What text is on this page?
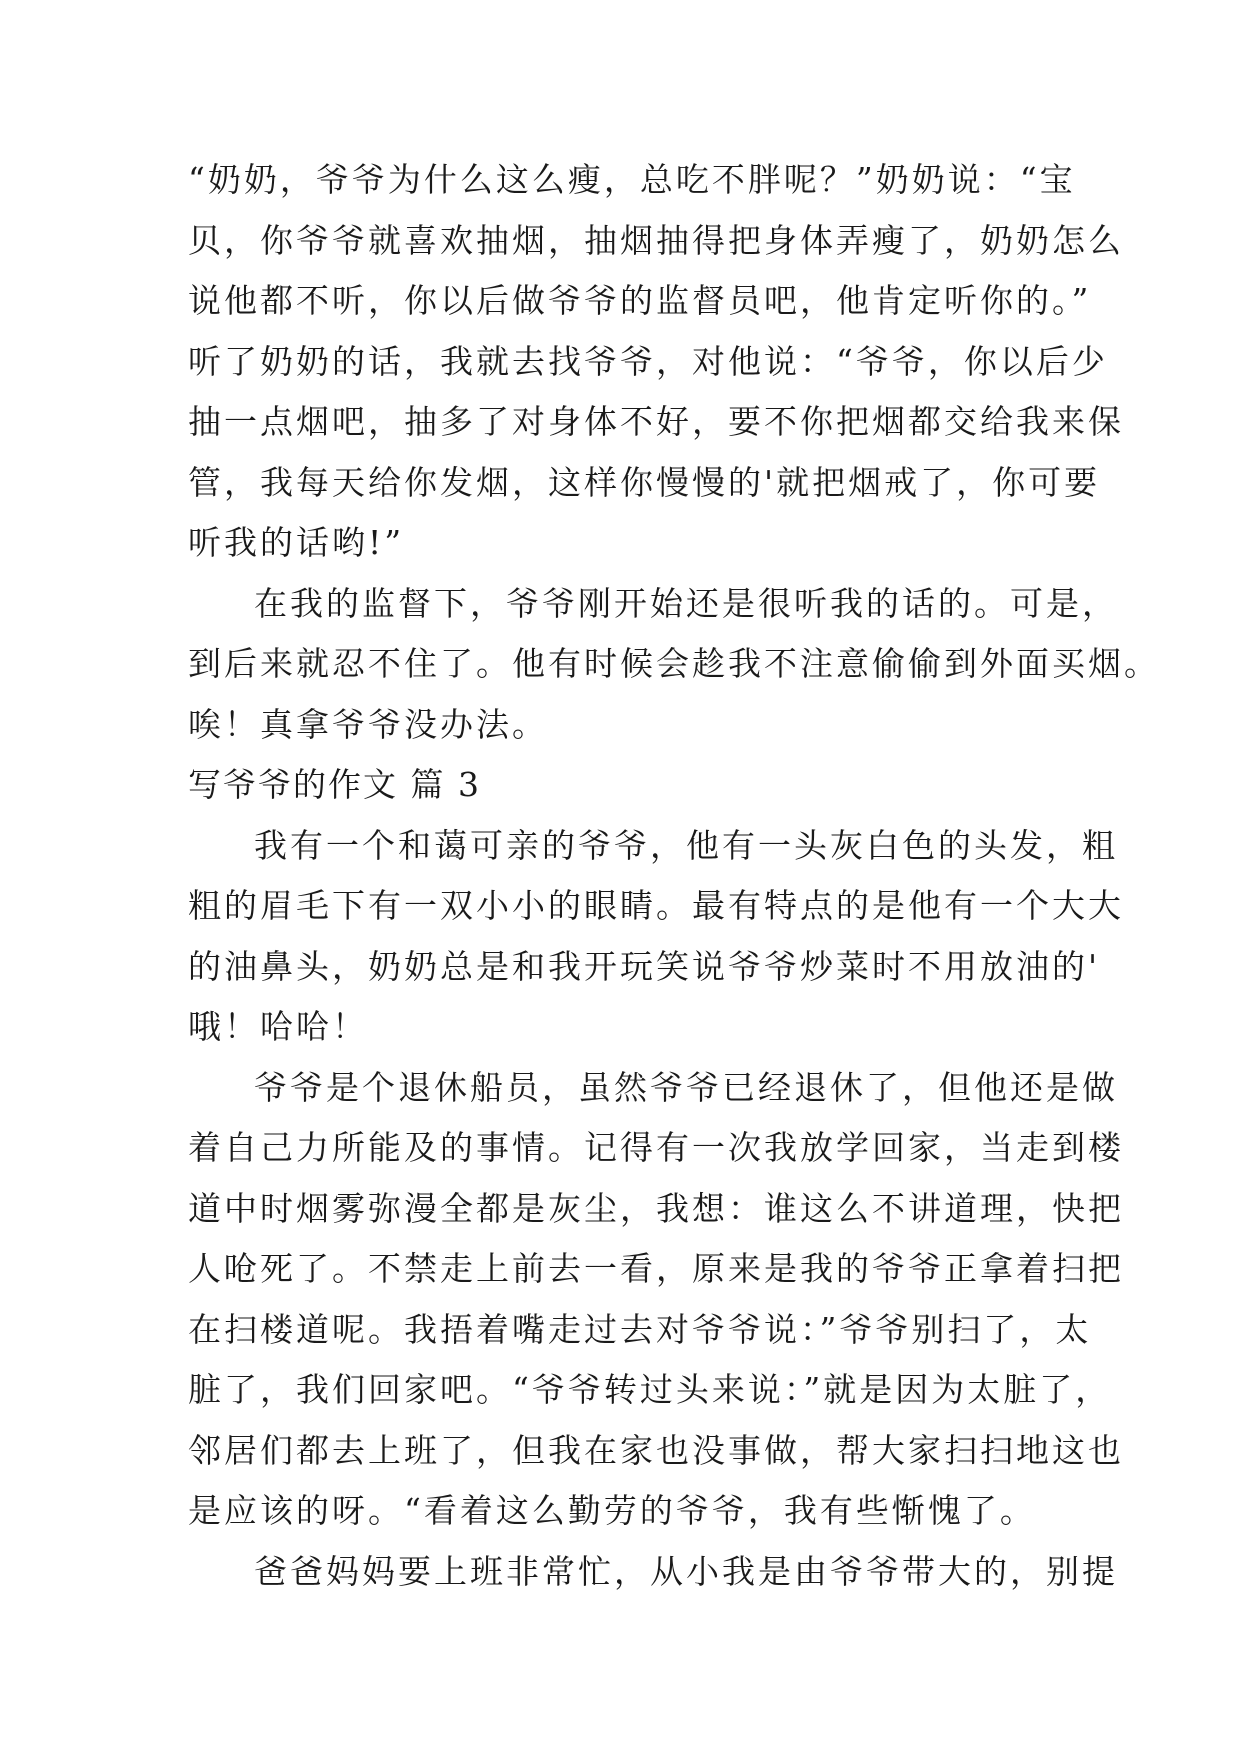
“奶奶，爷爷为什么这么瘦，总吃不胖呢？”奶奶说：“宝
贝，你爷爷就喜欢抽烟，抽烟抽得把身体弄瘦了，奶奶怎么
说他都不听，你以后做爷爷的监督员吧，他肯定听你的。”
听了奶奶的话，我就去找爷爷，对他说：“爷爷，你以后少
抽一点烟吧，抽多了对身体不好，要不你把烟都交给我来保
管，我每天给你发烟，这样你慢慢的'就把烟戒了，你可要
听我的话哟!”
在我的监督下，爷爷刚开始还是很听我的话的。可是，
到后来就忍不住了。他有时候会趁我不注意偷偷到外面买烟。
唉！真拿爷爷没办法。
写爷爷的作文 篇 3
我有一个和蔼可亲的爷爷，他有一头灰白色的头发，粗
粗的眉毛下有一双小小的眼睛。最有特点的是他有一个大大
的油鼻头，奶奶总是和我开玩笑说爷爷炒菜时不用放油的'
哦！哈哈！
爷爷是个退休船员，虽然爷爷已经退休了，但他还是做
着自己力所能及的事情。记得有一次我放学回家，当走到楼
道中时烟雾弥漫全都是灰尘，我想：谁这么不讲道理，快把
人呛死了。不禁走上前去一看，原来是我的爷爷正拿着扫把
在扫楼道呢。我捂着嘴走过去对爷爷说：”爷爷别扫了，太
脏了，我们回家吧。“爷爷转过头来说：”就是因为太脏了，
邻居们都去上班了，但我在家也没事做，帮大家扫扫地这也
是应该的呀。“看着这么勤劳的爷爷，我有些惭愧了。
爸爸妈妈要上班非常忙，从小我是由爷爷带大的，别提
